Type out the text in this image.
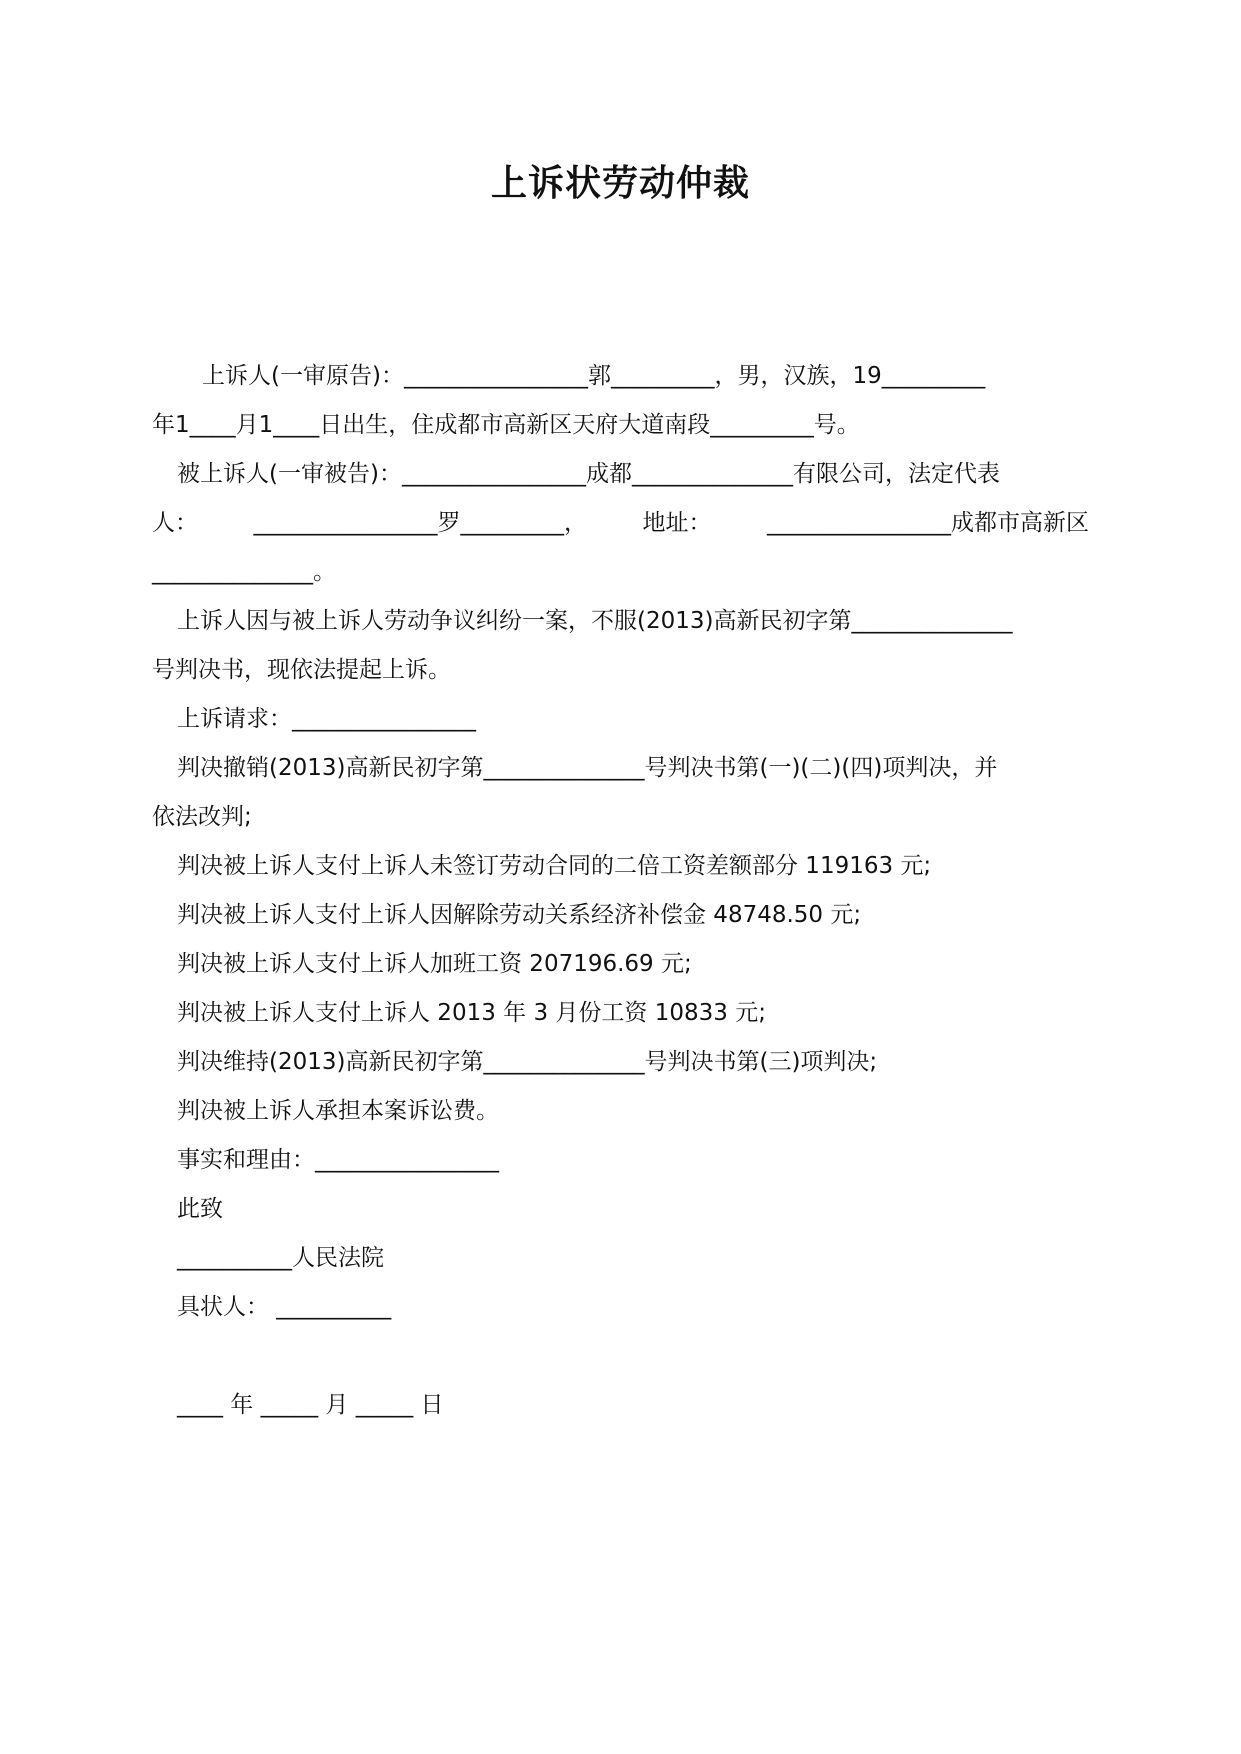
上诉状劳动仲裁

上诉人(一审原告)：________________郭_________，男，汉族，19_________

年1____月1____日出生，住成都市高新区天府大道南段_________号。

被上诉人(一审被告)：________________成都______________有限公司，法定代表

人： ________________罗_________， 地址： ________________成都市高新区

______________。

上诉人因与被上诉人劳动争议纠纷一案，不服(2013)高新民初字第______________

号判决书，现依法提起上诉。

上诉请求：________________

判决撤销(2013)高新民初字第______________号判决书第(一)(二)(四)项判决，并

依法改判;

判决被上诉人支付上诉人未签订劳动合同的二倍工资差额部分 119163 元;

判决被上诉人支付上诉人因解除劳动关系经济补偿金 48748.50 元;

判决被上诉人支付上诉人加班工资 207196.69 元;

判决被上诉人支付上诉人 2013 年 3 月份工资 10833 元;

判决维持(2013)高新民初字第______________号判决书第(三)项判决;

判决被上诉人承担本案诉讼费。

事实和理由：________________

此致

__________人民法院

具状人： __________

____ 年 _____ 月 _____ 日
